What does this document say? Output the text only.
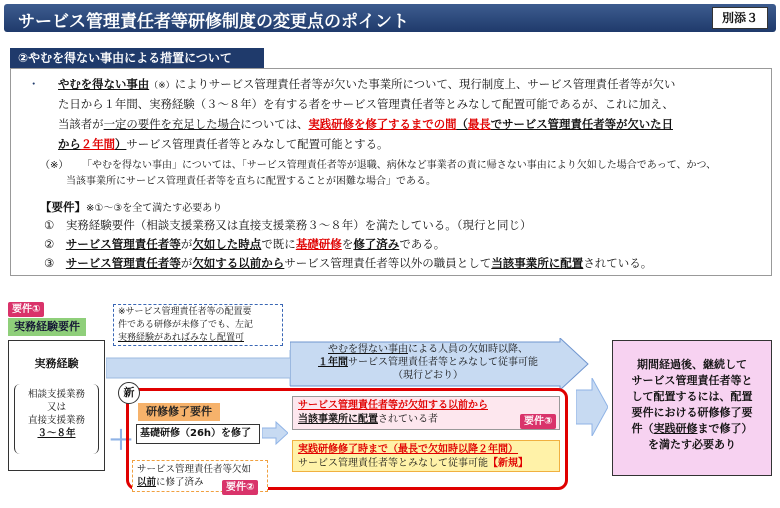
サービス管理責任者等研修制度の変更点のポイント	別添３
②やむを得ない事由による措置について
・ やむを得ない事由（※）によりサービス管理責任者等が欠いた事業所について、現行制度上、サービス管理責任者等が欠い
た日から１年間、実務経験（３～８年）を有する者をサービス管理責任者等とみなして配置可能であるが、これに加え、
当該者が一定の要件を充足した場合については、実践研修を修了するまでの間（最長でサービス管理責任者等が欠いた日
から２年間）サービス管理責任者等とみなして配置可能とする。
（※） 「やむを得ない事由」については、「サービス管理責任者等が退職、病休など事業者の責に帰さない事由により欠如した場合であって、かつ、
当該事業所にサービス管理責任者等を直ちに配置することが困難な場合」である。
【要件】※①～③を全て満たす必要あり
①　 実務経験要件（相談支援業務又は直接支援業務３～８年）を満たしている。（現行と同じ）
②　 サービス管理責任者等が欠如した時点で既に基礎研修を修了済みである。
③　 サービス管理責任者等が欠如する以前からサービス管理責任者等以外の職員として当該事業所に配置されている。
要件①
実務経験要件
※サービス管理責任者等の配置要
件である研修が未修了でも、左記
実務経験があればみなし配置可
実務経験
相談支援業務
又は
直接支援業務
３～８年
やむを得ない事由による人員の欠如時以降、
１年間サービス管理責任者等とみなして従事可能
（現行どおり）
＋
新
研修修了要件
基礎研修（26h）を修了
サービス管理責任者等欠如
以前に修了済み	要件②
サービス管理責任者等が欠如する以前から
当該事業所に配置されている者	要件③
実践研修修了時まで（最長で欠如時以降２年間）
サービス管理責任者等とみなして従事可能【新規】
期間経過後、継続して
サービス管理責任者等と
して配置するには、配置
要件における研修修了要
件（実践研修まで修了）
を満たす必要あり
